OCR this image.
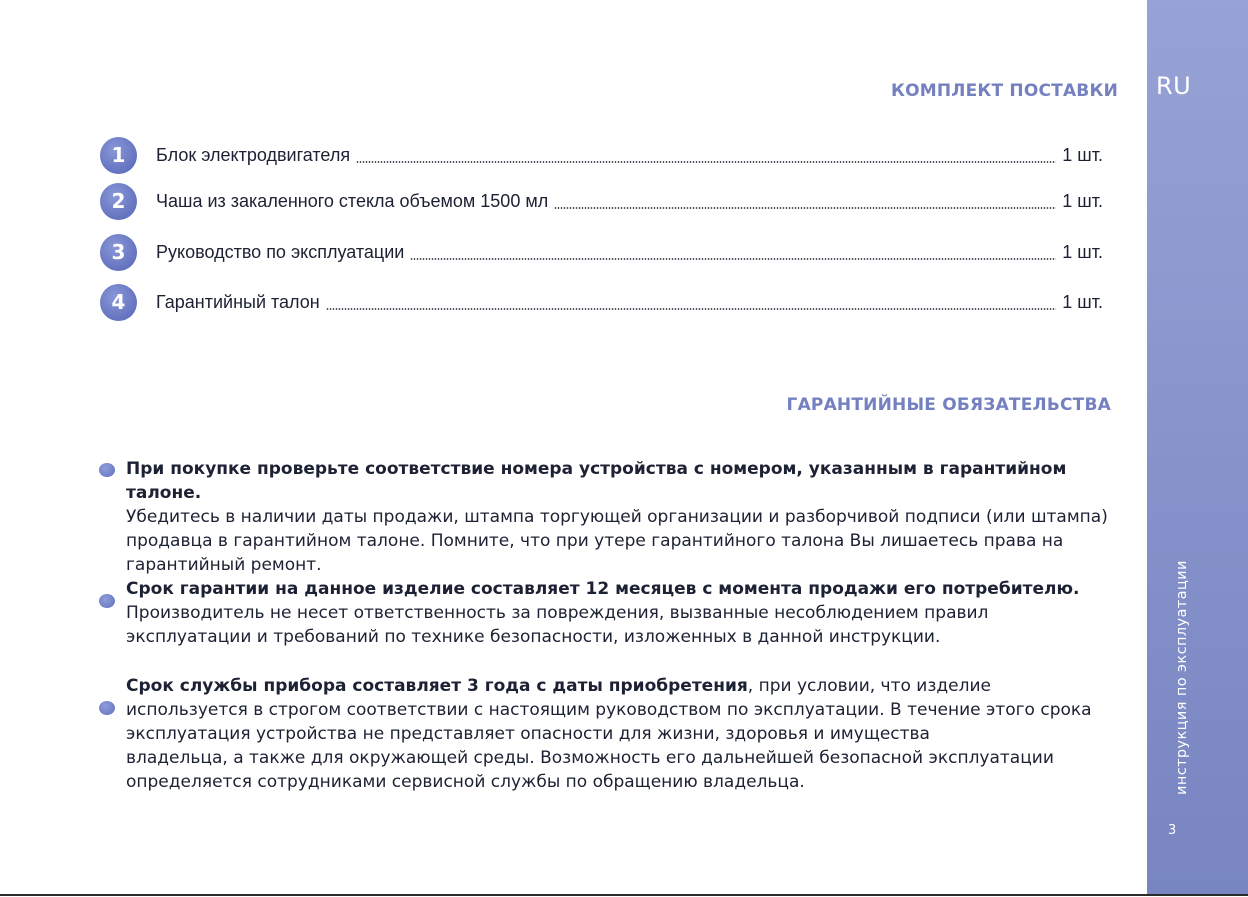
RU
инструкция по эксплуатации
3
КОМПЛЕКТ ПОСТАВКИ
1	Блок электродвигателя	1 шт.
2	Чаша из закаленного стекла объемом 1500 мл	1 шт.
3	Руководство по эксплуатации	1 шт.
4	Гарантийный талон	1 шт.
ГАРАНТИЙНЫЕ ОБЯЗАТЕЛЬСТВА
При покупке проверьте соответствие номера устройства с номером, указанным в гарантийном талоне.
Убедитесь в наличии даты продажи, штампа торгующей организации и разборчивой подписи (или штампа)
продавца в гарантийном талоне. Помните, что при утере гарантийного талона Вы лишаетесь права на
гарантийный ремонт.
Срок гарантии на данное изделие составляет 12 месяцев с момента продажи его потребителю.
Производитель не несет ответственность за повреждения, вызванные несоблюдением правил
эксплуатации и требований по технике безопасности, изложенных в данной инструкции.
Срок службы прибора составляет 3 года с даты приобретения, при условии, что изделие
используется в строгом соответствии с настоящим руководством по эксплуатации. В течение этого срока
эксплуатация устройства не представляет опасности для жизни, здоровья и имущества
владельца, а также для окружающей среды. Возможность его дальнейшей безопасной эксплуатации
определяется сотрудниками сервисной службы по обращению владельца.
